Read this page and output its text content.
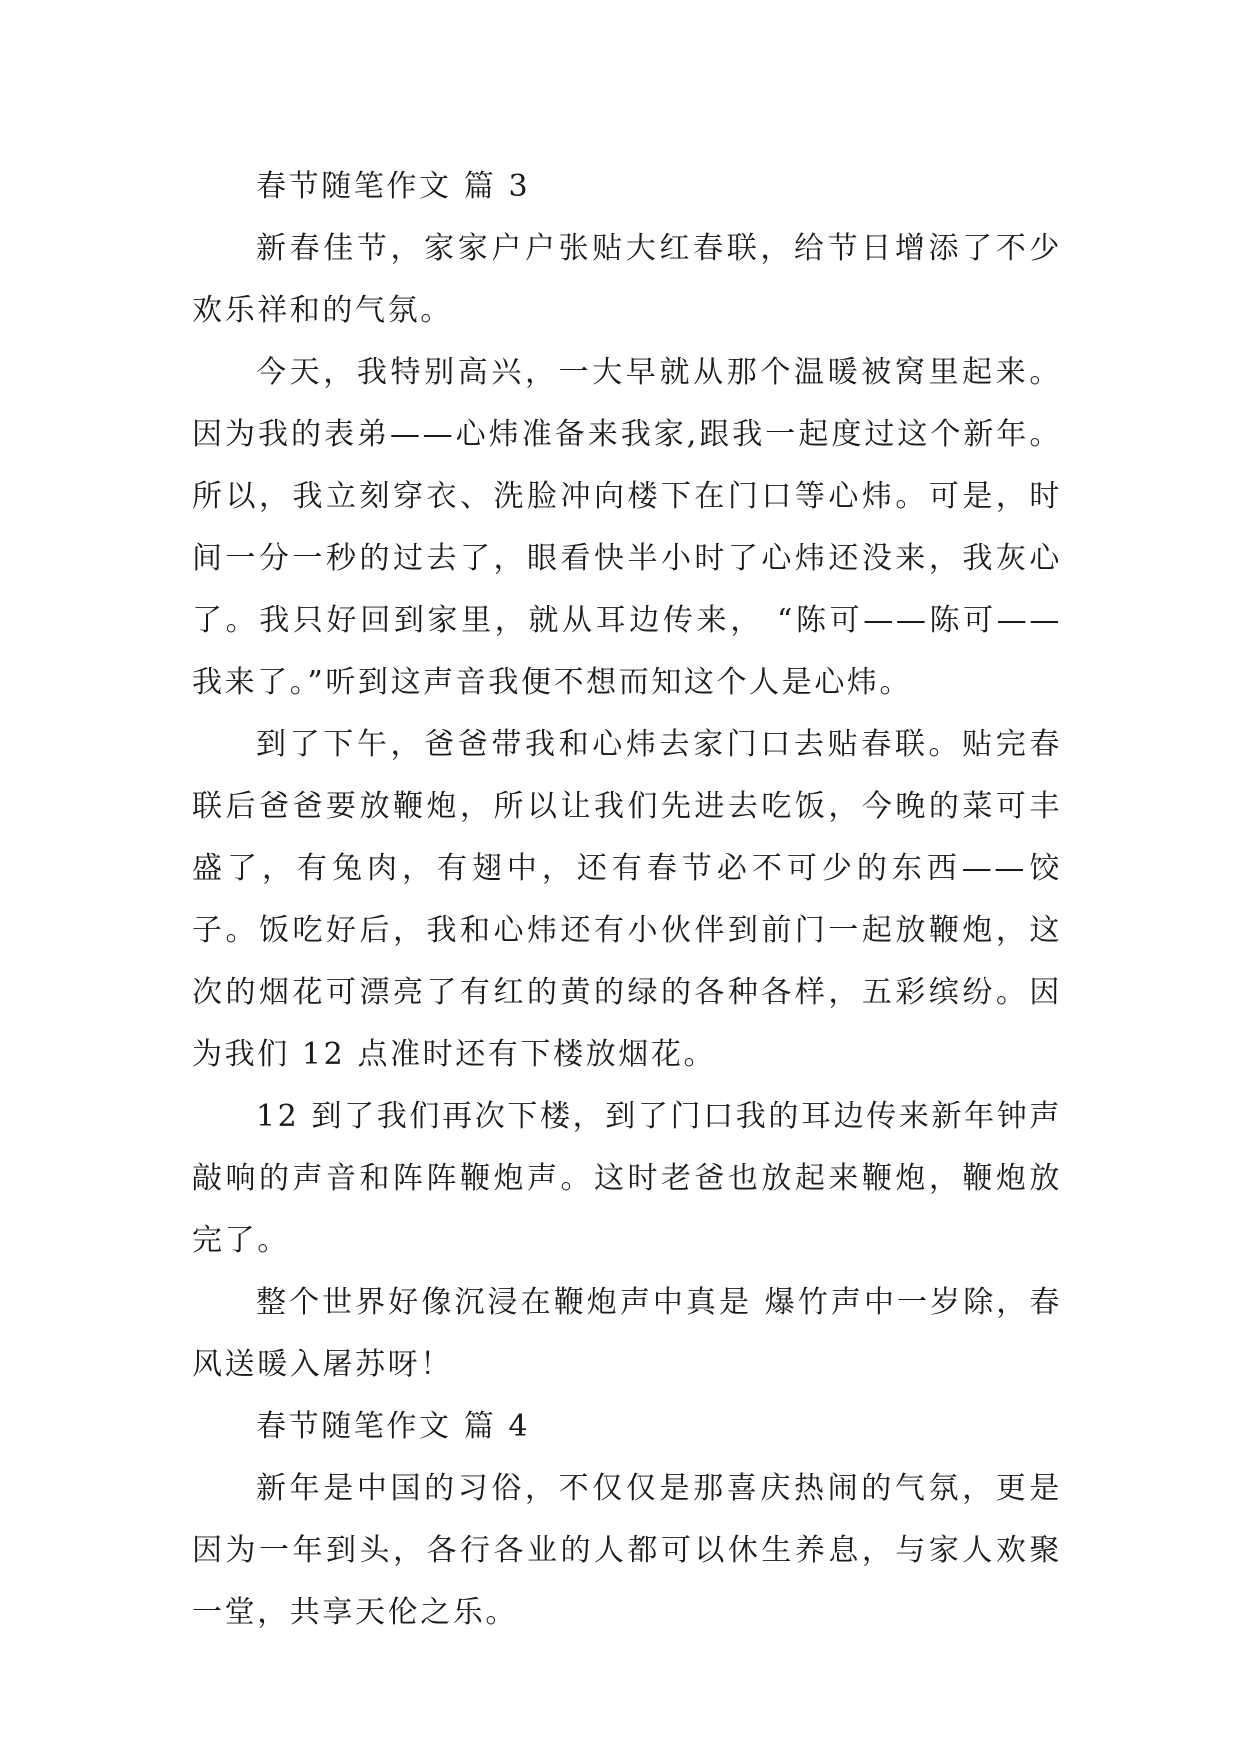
春节随笔作文 篇 3

新春佳节，家家户户张贴大红春联，给节日增添了不少欢乐祥和的气氛。

今天，我特别高兴，一大早就从那个温暖被窝里起来。因为我的表弟——心炜准备来我家,跟我一起度过这个新年。所以，我立刻穿衣、洗脸冲向楼下在门口等心炜。可是，时间一分一秒的过去了，眼看快半小时了心炜还没来，我灰心了。我只好回到家里，就从耳边传来， “陈可——陈可——我来了。”听到这声音我便不想而知这个人是心炜。

到了下午，爸爸带我和心炜去家门口去贴春联。贴完春联后爸爸要放鞭炮，所以让我们先进去吃饭，今晚的菜可丰盛了，有兔肉，有翅中，还有春节必不可少的东西——饺子。饭吃好后，我和心炜还有小伙伴到前门一起放鞭炮，这次的烟花可漂亮了有红的黄的绿的各种各样，五彩缤纷。因为我们 12 点准时还有下楼放烟花。

12 到了我们再次下楼，到了门口我的耳边传来新年钟声敲响的声音和阵阵鞭炮声。这时老爸也放起来鞭炮，鞭炮放完了。

整个世界好像沉浸在鞭炮声中真是 爆竹声中一岁除，春风送暖入屠苏呀！

春节随笔作文 篇 4

新年是中国的习俗，不仅仅是那喜庆热闹的气氛，更是因为一年到头，各行各业的人都可以休生养息，与家人欢聚一堂，共享天伦之乐。
